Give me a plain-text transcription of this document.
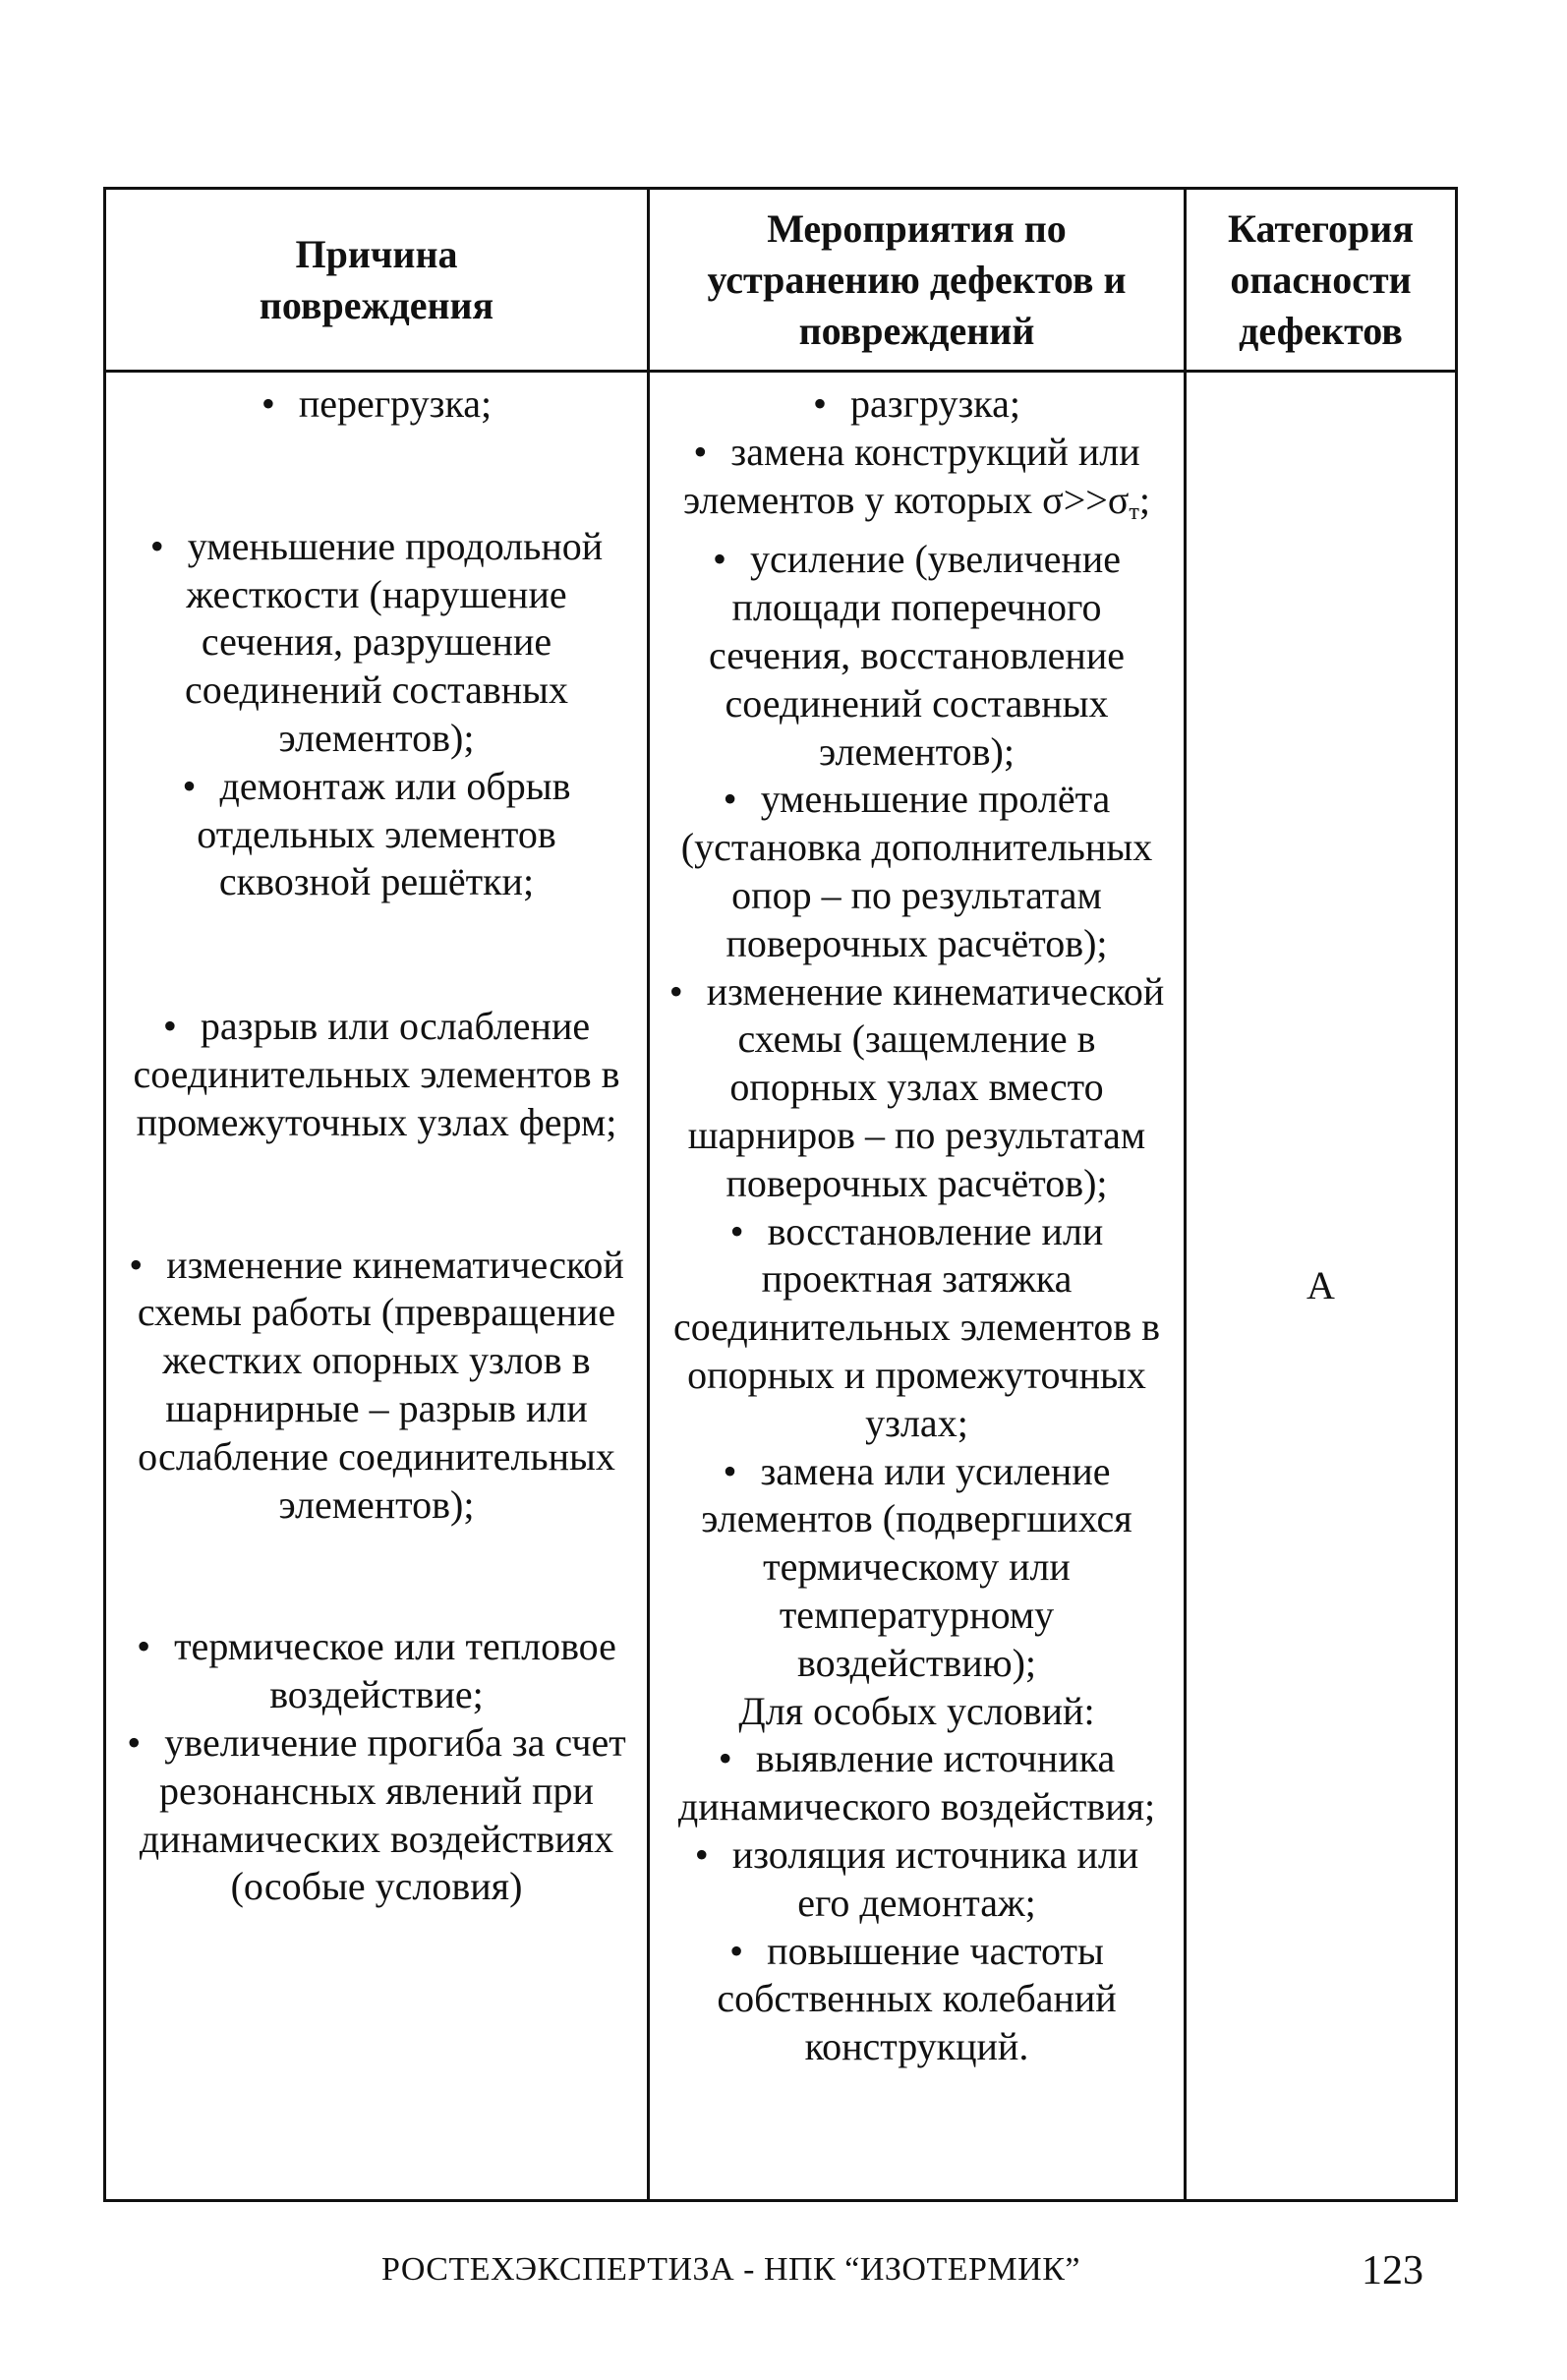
Причина повреждения
Мероприятия по устранению дефектов и повреждений
Категория опасности дефектов
• перегрузка;
• уменьшение продольной жесткости (нарушение сечения, разрушение соединений составных элементов);
• демонтаж или обрыв отдельных элементов сквозной решётки;
• разрыв или ослабление соединительных элементов в промежуточных узлах ферм;
• изменение кинематической схемы работы (превращение жестких опорных узлов в шарнирные – разрыв или ослабление соединительных элементов);
• термическое или тепловое воздействие;
• увеличение прогиба за счет резонансных явлений при динамических воздействиях (особые условия)
• разгрузка;
• замена конструкций или элементов у которых $\sigma>>\sigma_т$;
• усиление (увеличение площади поперечного сечения, восстановление соединений составных элементов);
• уменьшение пролёта (установка дополнительных опор – по результатам поверочных расчётов);
• изменение кинематической схемы (защемление в опорных узлах вместо шарниров – по результатам поверочных расчётов);
• восстановление или проектная затяжка соединительных элементов в опорных и промежуточных узлах;
• замена или усиление элементов (подвергшихся термическому или температурному воздействию);
Для особых условий:
• выявление источника динамического воздействия;
• изоляция источника или его демонтаж;
• повышение частоты собственных колебаний конструкций.
А
РОСТЕХЭКСПЕРТИЗА - НПК “ИЗОТЕРМИК”	123
